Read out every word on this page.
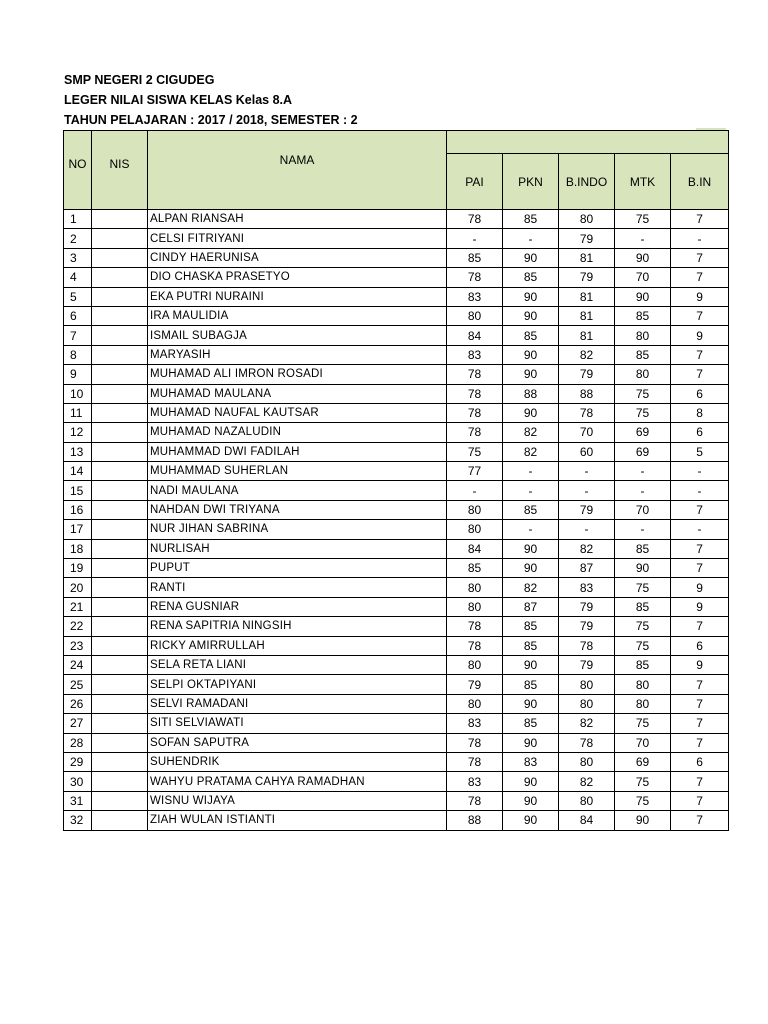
SMP NEGERI 2 CIGUDEG
LEGER NILAI SISWA KELAS Kelas 8.A
TAHUN PELAJARAN : 2017 / 2018, SEMESTER : 2
NO	NIS	NAMA					
			PAI	PKN	B.INDO	MTK	B.IN
1		ALPAN RIANSAH	78	85	80	75	7
2		CELSI FITRIYANI	-	-	79	-	-
3		CINDY HAERUNISA	85	90	81	90	7
4		DIO CHASKA PRASETYO	78	85	79	70	7
5		EKA PUTRI NURAINI	83	90	81	90	9
6		IRA MAULIDIA	80	90	81	85	7
7		ISMAIL SUBAGJA	84	85	81	80	9
8		MARYASIH	83	90	82	85	7
9		MUHAMAD ALI IMRON ROSADI	78	90	79	80	7
10		MUHAMAD MAULANA	78	88	88	75	6
11		MUHAMAD NAUFAL KAUTSAR	78	90	78	75	8
12		MUHAMAD NAZALUDIN	78	82	70	69	6
13		MUHAMMAD DWI FADILAH	75	82	60	69	5
14		MUHAMMAD SUHERLAN	77	-	-	-	-
15		NADI MAULANA	-	-	-	-	-
16		NAHDAN DWI TRIYANA	80	85	79	70	7
17		NUR JIHAN SABRINA	80	-	-	-	-
18		NURLISAH	84	90	82	85	7
19		PUPUT	85	90	87	90	7
20		RANTI	80	82	83	75	9
21		RENA GUSNIAR	80	87	79	85	9
22		RENA SAPITRIA NINGSIH	78	85	79	75	7
23		RICKY AMIRRULLAH	78	85	78	75	6
24		SELA RETA LIANI	80	90	79	85	9
25		SELPI OKTAPIYANI	79	85	80	80	7
26		SELVI RAMADANI	80	90	80	80	7
27		SITI SELVIAWATI	83	85	82	75	7
28		SOFAN SAPUTRA	78	90	78	70	7
29		SUHENDRIK	78	83	80	69	6
30		WAHYU PRATAMA CAHYA RAMADHAN	83	90	82	75	7
31		WISNU WIJAYA	78	90	80	75	7
32		ZIAH WULAN ISTIANTI	88	90	84	90	7
